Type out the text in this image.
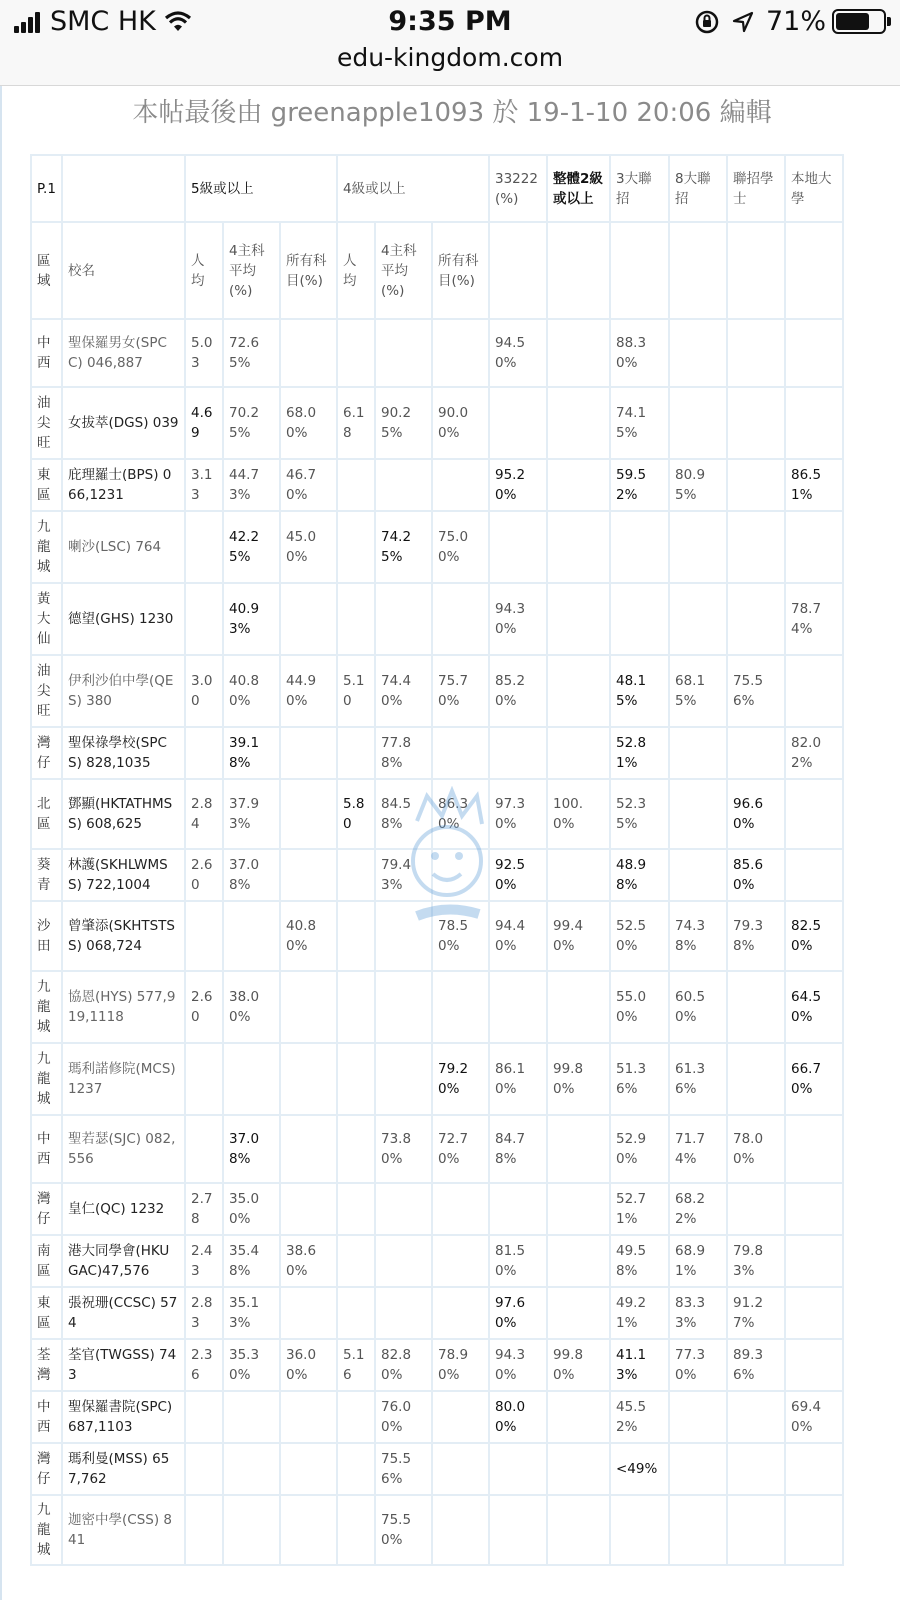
SMC HK	9:35 PM	71%
edu-kingdom.com
本帖最後由 greenapple1093 於 19-1-10 20:06 編輯
P.1		5級或以上			4級或以上			33222 (%)	整體2級或以上	3大聯招	8大聯招	聯招學士	本地大學
區域	校名	人均	4主科平均(%)	所有科目(%)	人均	4主科平均(%)	所有科目(%)						
中西	聖保羅男女(SPCC) 046,887	5.03	72.65%					94.50%		88.30%			
油尖旺	女拔萃(DGS) 039	4.69	70.25%	68.00%	6.18	90.25%	90.00%			74.15%			
東區	庇理羅士(BPS) 066,1231	3.13	44.73%	46.70%				95.20%		59.52%	80.95%		86.51%
九龍城	喇沙(LSC) 764		42.25%	45.00%		74.25%	75.00%						
黃大仙	德望(GHS) 1230		40.93%					94.30%					78.74%
油尖旺	伊利沙伯中學(QES) 380	3.00	40.80%	44.90%	5.10	74.40%	75.70%	85.20%		48.15%	68.15%	75.56%	
灣仔	聖保祿學校(SPCS) 828,1035		39.18%			77.88%				52.81%			82.02%
北區	鄧顯(HKTATHMSS) 608,625	2.84	37.93%		5.80	84.58%	86.30%	97.30%	100.0%	52.35%		96.60%	
葵青	林護(SKHLWMSS) 722,1004	2.60	37.08%			79.43%		92.50%		48.98%		85.60%	
沙田	曾肇添(SKHTSTSS) 068,724			40.80%			78.50%	94.40%	99.40%	52.50%	74.38%	79.38%	82.50%
九龍城	協恩(HYS) 577,919,1118	2.60	38.00%							55.00%	60.50%		64.50%
九龍城	瑪利諾修院(MCS) 1237						79.20%	86.10%	99.80%	51.36%	61.36%		66.70%
中西	聖若瑟(SJC) 082,556		37.08%			73.80%	72.70%	84.78%		52.90%	71.74%	78.00%	
灣仔	皇仁(QC) 1232	2.78	35.00%							52.71%	68.22%		
南區	港大同學會(HKUGAC)47,576	2.43	35.48%	38.60%				81.50%		49.58%	68.91%	79.83%	
東區	張祝珊(CCSC) 574	2.83	35.13%					97.60%		49.21%	83.33%	91.27%	
荃灣	荃官(TWGSS) 743	2.36	35.30%	36.00%	5.16	82.80%	78.90%	94.30%	99.80%	41.13%	77.30%	89.36%	
中西	聖保羅書院(SPC)687,1103					76.00%		80.00%		45.52%			69.40%
灣仔	瑪利曼(MSS) 657,762					75.56%				<49%			
九龍城	迦密中學(CSS) 841					75.50%							
